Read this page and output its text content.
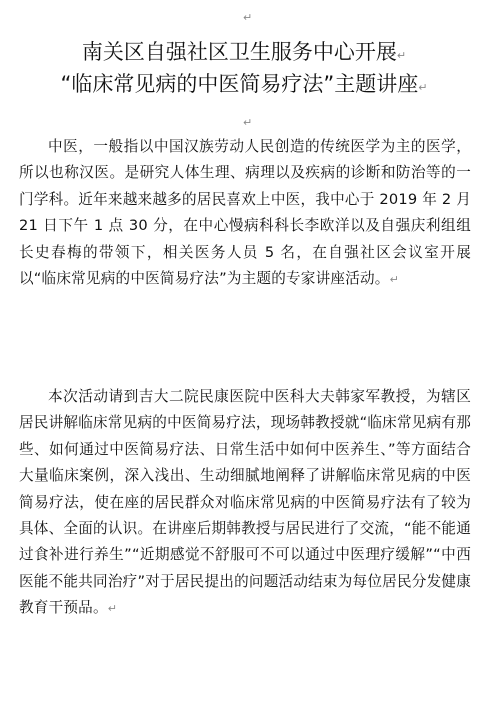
↵
南关区自强社区卫生服务中心开展↵
“临床常见病的中医简易疗法”主题讲座↵
↵

中医，一般指以中国汉族劳动人民创造的传统医学为主的医学，所以也称汉医。是研究人体生理、病理以及疾病的诊断和防治等的一门学科。近年来越来越多的居民喜欢上中医，我中心于 2019 年 2 月 21 日下午 1 点 30 分，在中心慢病科科长李欧洋以及自强庆利组组长史春梅的带领下，相关医务人员 5 名，在自强社区会议室开展以“临床常见病的中医简易疗法”为主题的专家讲座活动。↵

本次活动请到吉大二院民康医院中医科大夫韩家军教授，为辖区居民讲解临床常见病的中医简易疗法，现场韩教授就“临床常见病有那些、如何通过中医简易疗法、日常生活中如何中医养生、”等方面结合大量临床案例，深入浅出、生动细腻地阐释了讲解临床常见病的中医简易疗法，使在座的居民群众对临床常见病的中医简易疗法有了较为具体、全面的认识。在讲座后期韩教授与居民进行了交流，“能不能通过食补进行养生”“近期感觉不舒服可不可以通过中医理疗缓解”“中西医能不能共同治疗”对于居民提出的问题活动结束为每位居民分发健康教育干预品。↵
